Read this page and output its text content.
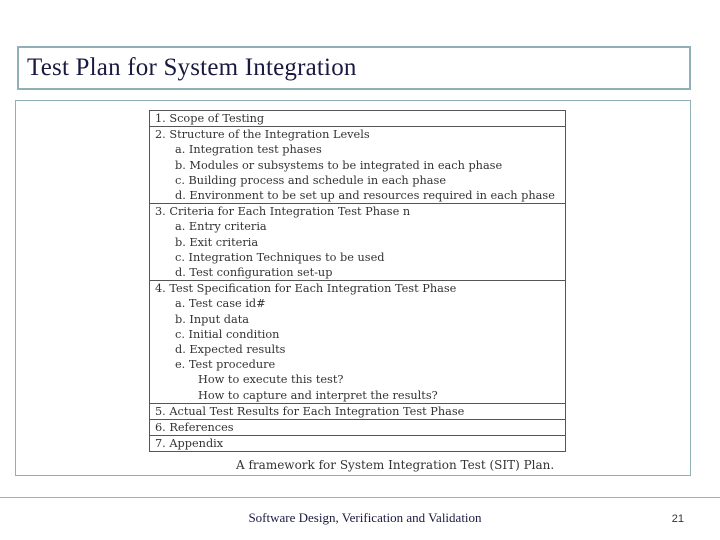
Test Plan for System Integration
1. Scope of Testing
2. Structure of the Integration Levels
a. Integration test phases
b. Modules or subsystems to be integrated in each phase
c. Building process and schedule in each phase
d. Environment to be set up and resources required in each phase
3. Criteria for Each Integration Test Phase n
a. Entry criteria
b. Exit criteria
c. Integration Techniques to be used
d. Test configuration set-up
4. Test Specification for Each Integration Test Phase
a. Test case id#
b. Input data
c. Initial condition
d. Expected results
e. Test procedure
How to execute this test?
How to capture and interpret the results?
5. Actual Test Results for Each Integration Test Phase
6. References
7. Appendix
A framework for System Integration Test (SIT) Plan.
Software Design, Verification and Validation	21
